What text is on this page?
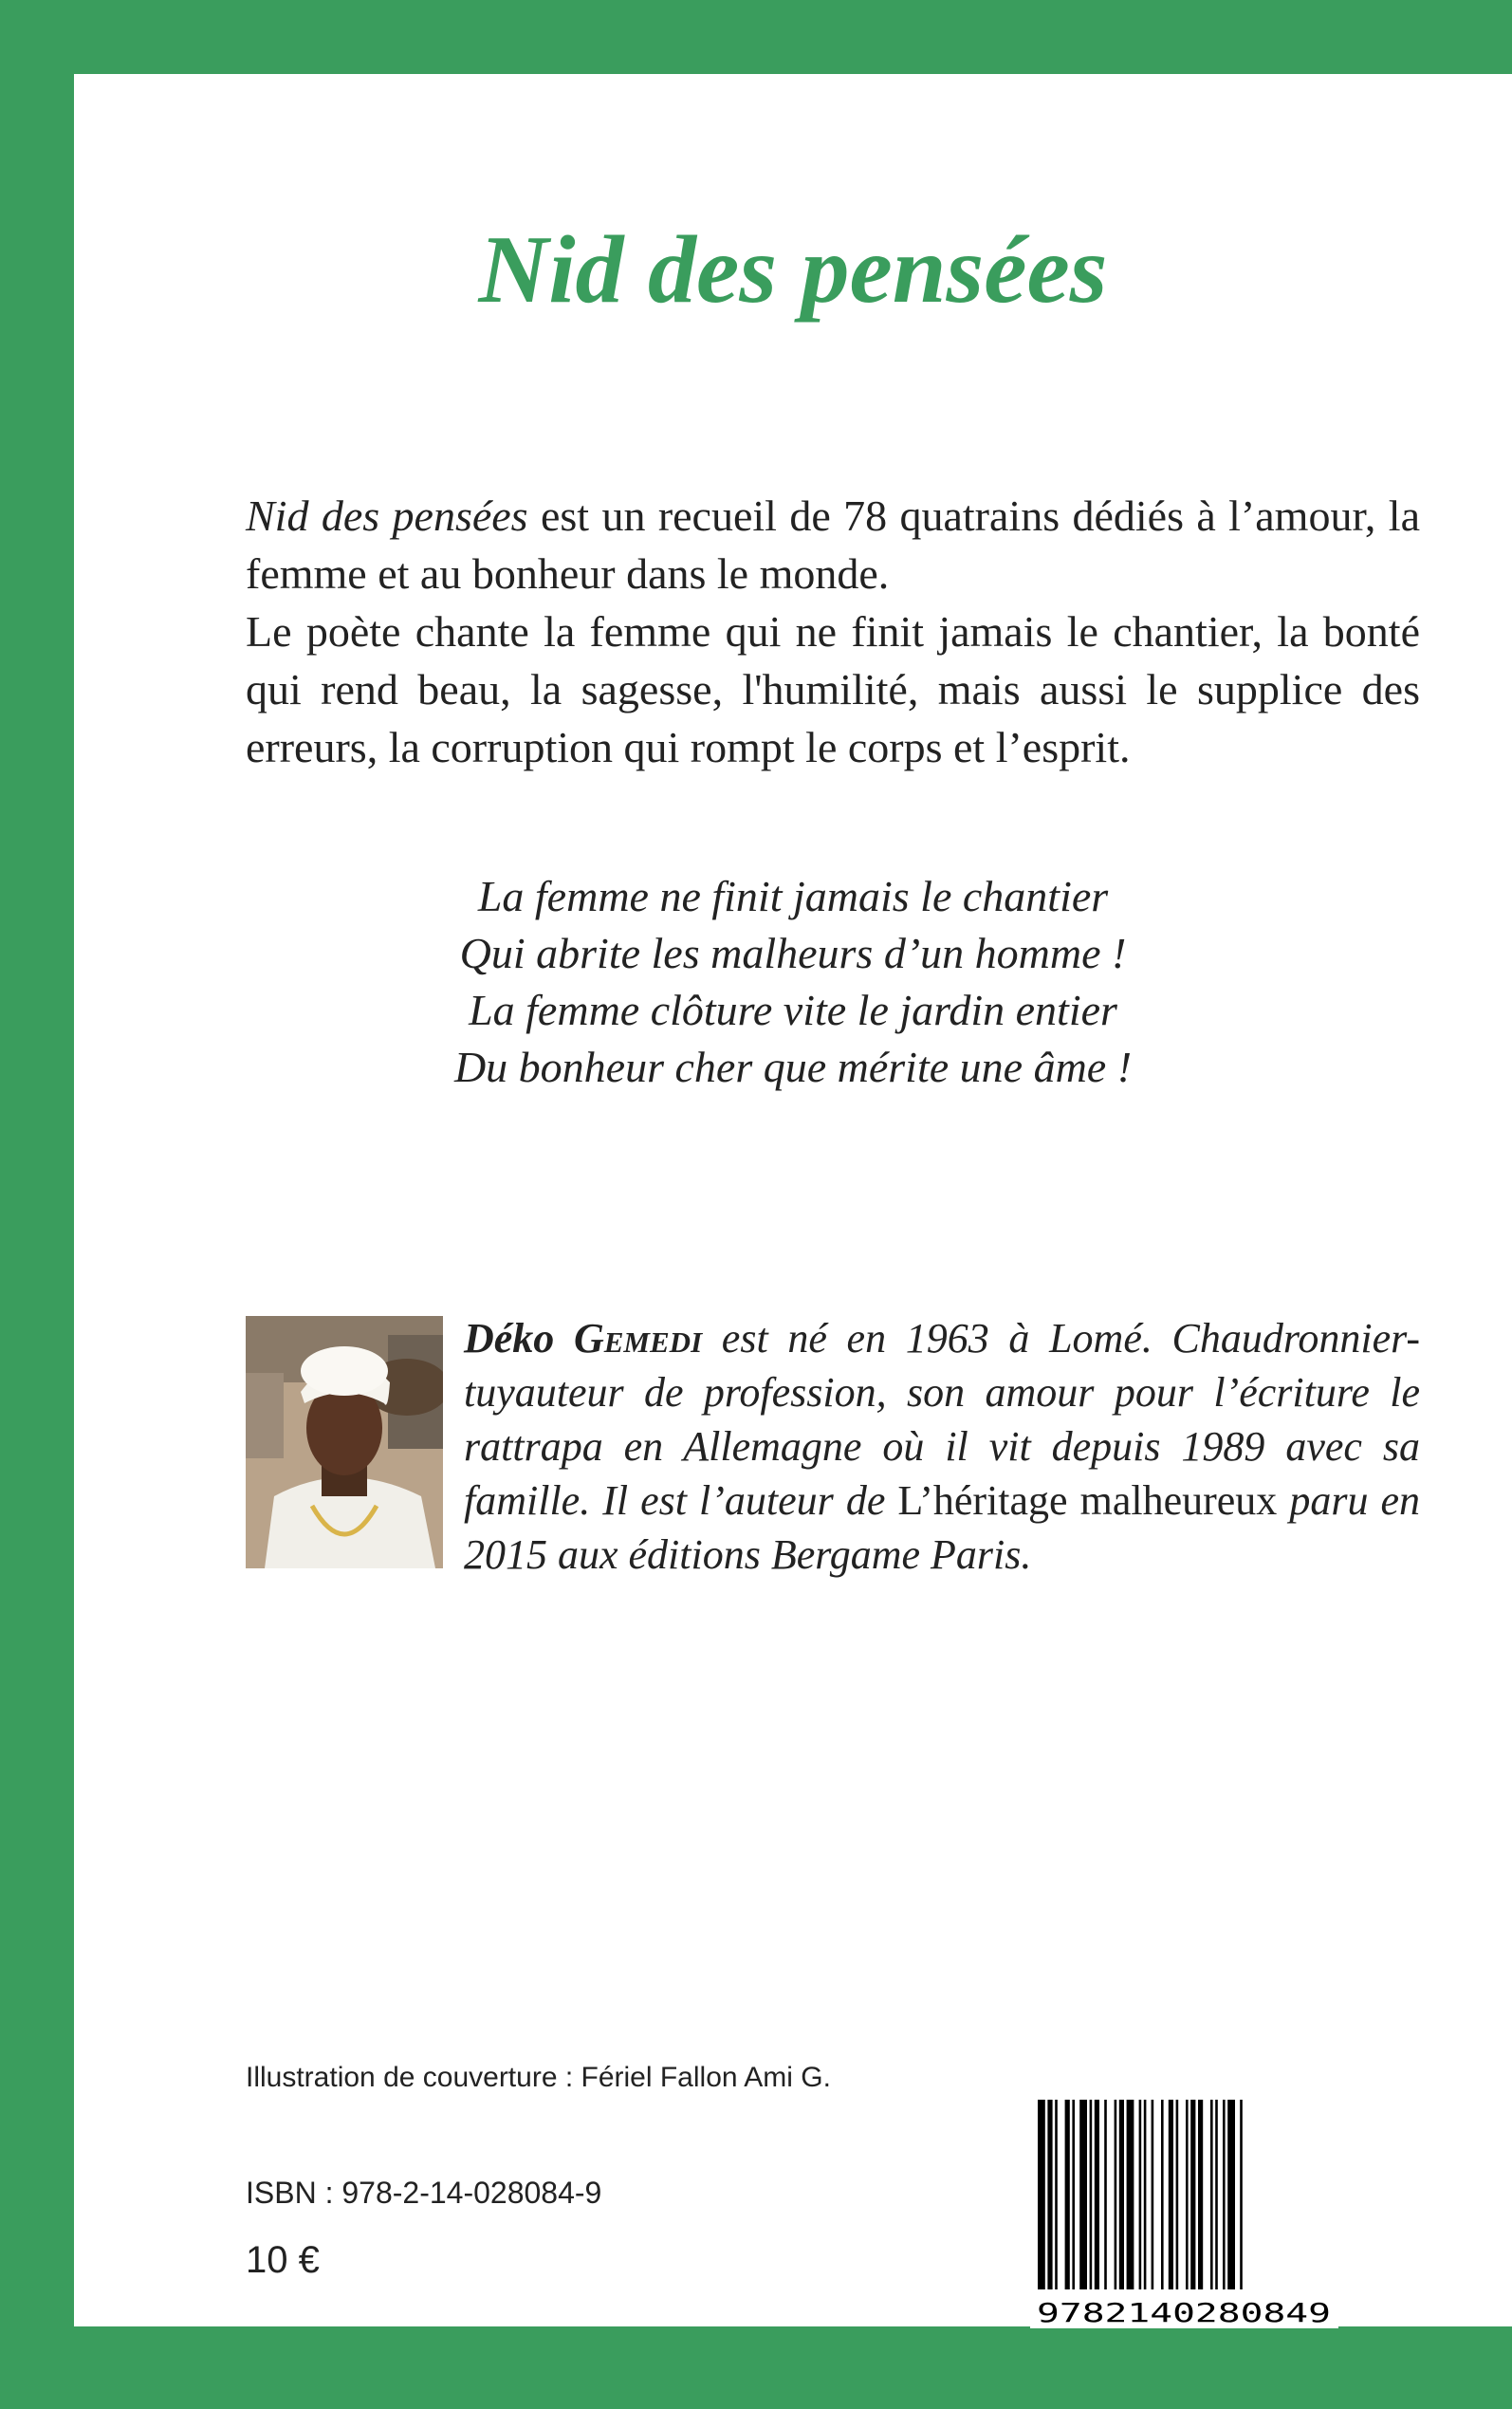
Nid des pensées

Nid des pensées est un recueil de 78 quatrains dédiés à l’amour, la femme et au bonheur dans le monde.

Le poète chante la femme qui ne finit jamais le chantier, la bonté qui rend beau, la sagesse, l'humilité, mais aussi le supplice des erreurs, la corruption qui rompt le corps et l’esprit.

La femme ne finit jamais le chantier
Qui abrite les malheurs d’un homme !
La femme clôture vite le jardin entier
Du bonheur cher que mérite une âme !
Déko Gemedi est né en 1963 à Lomé. Chaudronnier-tuyauteur de profession, son amour pour l’écriture le rattrapa en Allemagne où il vit depuis 1989 avec sa famille. Il est l’auteur de L’héritage malheureux paru en 2015 aux éditions Bergame Paris.

Illustration de couverture : Fériel Fallon Ami G.

ISBN : 978-2-14-028084-9

10 €

9782140280849
